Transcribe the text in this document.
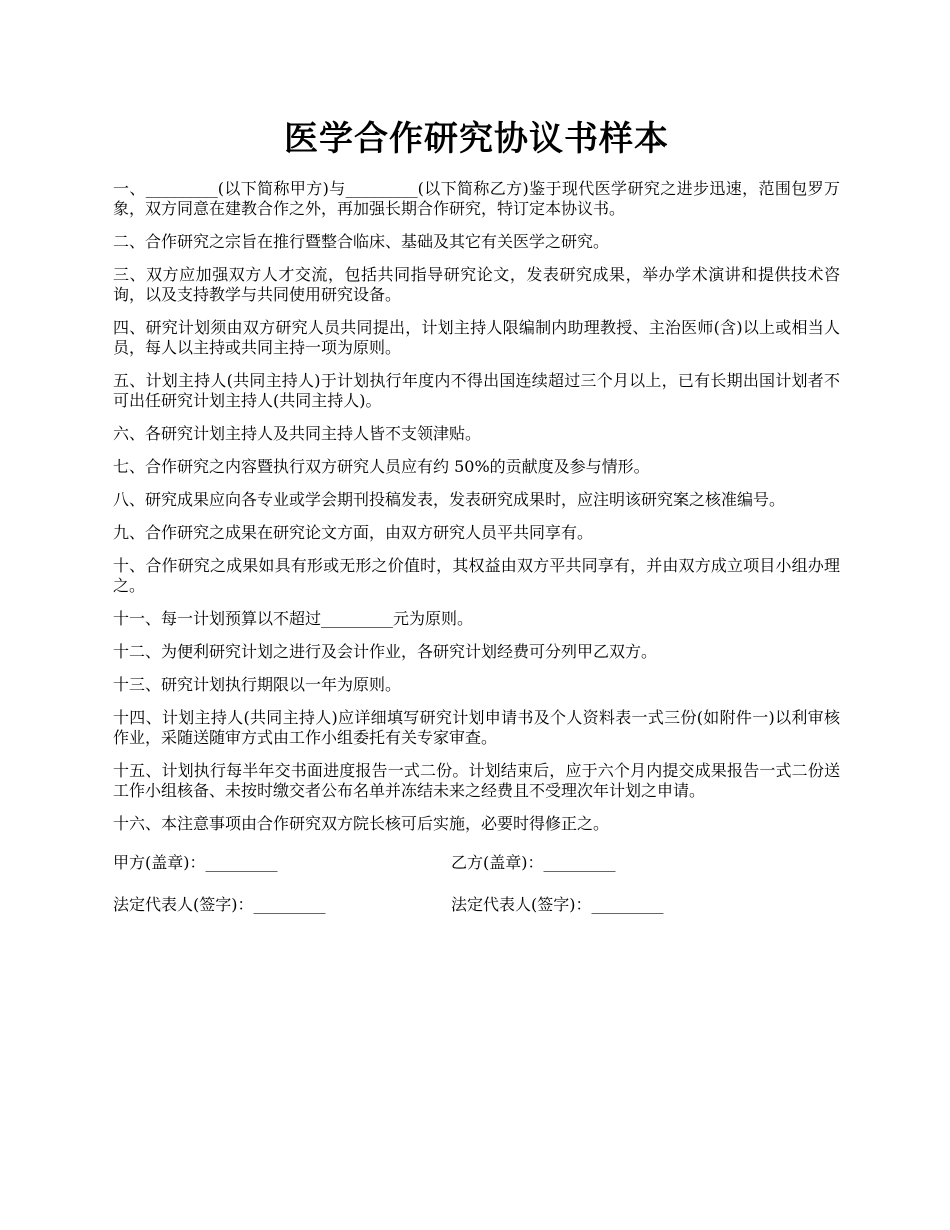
医学合作研究协议书样本

一、_________(以下简称甲方)与_________(以下简称乙方)鉴于现代医学研究之进步迅速，范围包罗万象，双方同意在建教合作之外，再加强长期合作研究，特订定本协议书。

二、合作研究之宗旨在推行暨整合临床、基础及其它有关医学之研究。

三、双方应加强双方人才交流，包括共同指导研究论文，发表研究成果，举办学术演讲和提供技术咨询，以及支持教学与共同使用研究设备。

四、研究计划须由双方研究人员共同提出，计划主持人限编制内助理教授、主治医师(含)以上或相当人员，每人以主持或共同主持一项为原则。

五、计划主持人(共同主持人)于计划执行年度内不得出国连续超过三个月以上，已有长期出国计划者不可出任研究计划主持人(共同主持人)。

六、各研究计划主持人及共同主持人皆不支领津贴。

七、合作研究之内容暨执行双方研究人员应有约 50%的贡献度及参与情形。

八、研究成果应向各专业或学会期刊投稿发表，发表研究成果时，应注明该研究案之核准编号。

九、合作研究之成果在研究论文方面，由双方研究人员平共同享有。

十、合作研究之成果如具有形或无形之价值时，其权益由双方平共同享有，并由双方成立项目小组办理之。

十一、每一计划预算以不超过_________元为原则。

十二、为便利研究计划之进行及会计作业，各研究计划经费可分列甲乙双方。

十三、研究计划执行期限以一年为原则。

十四、计划主持人(共同主持人)应详细填写研究计划申请书及个人资料表一式三份(如附件一)以利审核作业，采随送随审方式由工作小组委托有关专家审查。

十五、计划执行每半年交书面进度报告一式二份。计划结束后，应于六个月内提交成果报告一式二份送工作小组核备、未按时缴交者公布名单并冻结未来之经费且不受理次年计划之申请。

十六、本注意事项由合作研究双方院长核可后实施，必要时得修正之。

甲方(盖章)：_________	乙方(盖章)：_________
法定代表人(签字)：_________	法定代表人(签字)：_________
